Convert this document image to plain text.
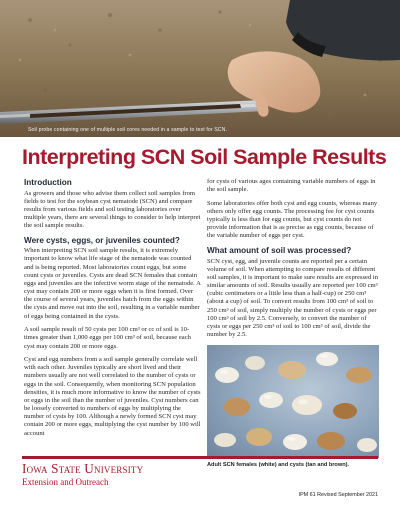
Soil probe containing one of multiple soil cores needed in a sample to test for SCN.
Interpreting SCN Soil Sample Results
Introduction

As growers and those who advise them collect soil samples from fields to test for the soybean cyst nematode (SCN) and compare results from various fields and soil testing laboratories over multiple years, there are several things to consider to help interpret the soil sample results.

Were cysts, eggs, or juveniles counted?

When interpreting SCN soil sample results, it is extremely important to know what life stage of the nematode was counted and is being reported. Most laboratories count eggs, but some count cysts or juveniles. Cysts are dead SCN females that contain eggs and juveniles are the infective worm stage of the nematode. A cyst may contain 200 or more eggs when it is first formed. Over the course of several years, juveniles hatch from the eggs within the cysts and move out into the soil, resulting in a variable number of eggs being contained in the cysts.

A soil sample result of 50 cysts per 100 cm³ or cc of soil is 10-times greater than 1,000 eggs per 100 cm³ of soil, because each cyst may contain 200 or more eggs.

Cyst and egg numbers from a soil sample generally correlate well with each other. Juveniles typically are short lived and their numbers usually are not well correlated to the number of cysts or eggs in the soil. Consequently, when monitoring SCN population densities, it is much more informative to know the number of cysts or eggs in the soil than the number of juveniles. Cyst numbers can be loosely converted to numbers of eggs by multiplying the number of cysts by 100. Although a newly formed SCN cyst may contain 200 or more eggs, multiplying the cyst number by 100 will account

for cysts of various ages containing variable numbers of eggs in the soil sample.

Some laboratories offer both cyst and egg counts, whereas many others only offer egg counts. The processing fee for cyst counts typically is less than for egg counts, but cyst counts do not provide information that is as precise as egg counts, because of the variable number of eggs per cyst.

What amount of soil was processed?

SCN cyst, egg, and juvenile counts are reported per a certain volume of soil. When attempting to compare results of different soil samples, it is important to make sure results are expressed in similar amounts of soil. Results usually are reported per 100 cm³ (cubic centimeters or a little less than a half-cup) or 250 cm³ (about a cup) of soil. To convert results from 100 cm³ of soil to 250 cm³ of soil, simply multiply the number of cysts or eggs per 100 cm³ of soil by 2.5. Conversely, to convert the number of cysts or eggs per 250 cm³ of soil to 100 cm³ of soil, divide the number by 2.5.

Adult SCN females (white) and cysts (tan and brown).
Iowa State University
Extension and Outreach
IPM 61 Revised September 2021
